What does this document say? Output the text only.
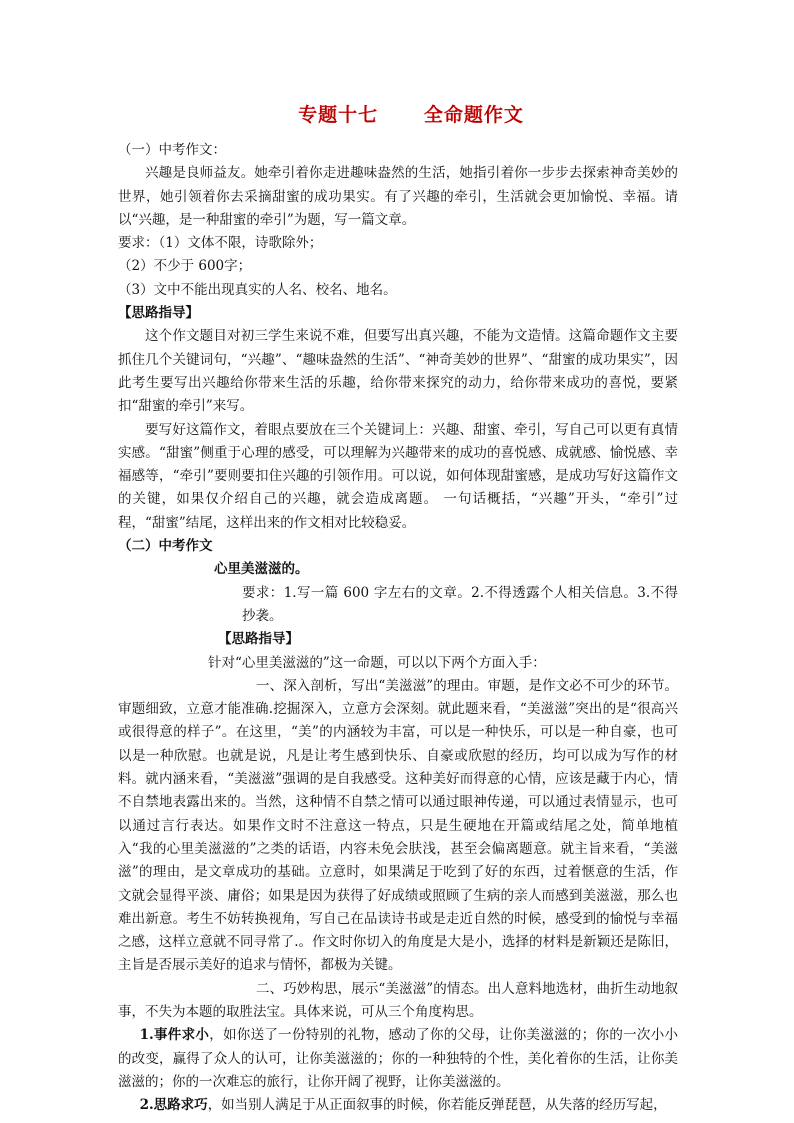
专题十七      全命题作文

（一）中考作文：

兴趣是良师益友。她牵引着你走进趣味盎然的生活，她指引着你一步步去探索神奇美妙的世界，她引领着你去采摘甜蜜的成功果实。有了兴趣的牵引，生活就会更加愉悦、幸福。请以“兴趣，是一种甜蜜的牵引”为题，写一篇文章。

要求：（1）文体不限，诗歌除外；

（2）不少于 600字；

（3）文中不能出现真实的人名、校名、地名。

【思路指导】

这个作文题目对初三学生来说不难，但要写出真兴趣，不能为文造情。这篇命题作文主要抓住几个关键词句，“兴趣”、“趣味盎然的生活”、“神奇美妙的世界”、“甜蜜的成功果实”，因此考生要写出兴趣给你带来生活的乐趣，给你带来探究的动力，给你带来成功的喜悦，要紧扣“甜蜜的牵引”来写。

要写好这篇作文，着眼点要放在三个关键词上：兴趣、甜蜜、牵引，写自己可以更有真情实感。“甜蜜”侧重于心理的感受，可以理解为兴趣带来的成功的喜悦感、成就感、愉悦感、幸福感等，“牵引”要则要扣住兴趣的引领作用。可以说，如何体现甜蜜感，是成功写好这篇作文的关键，如果仅介绍自己的兴趣，就会造成离题。 一句话概括，“兴趣”开头，“牵引”过程，“甜蜜”结尾，这样出来的作文相对比较稳妥。

（二）中考作文

心里美滋滋的。

要求：1.写一篇 600 字左右的文章。2.不得透露个人相关信息。3.不得抄袭。

【思路指导】

针对“心里美滋滋的”这一命题，可以以下两个方面入手：

一、深入剖析，写出“美滋滋”的理由。审题，是作文必不可少的环节。审题细致，立意才能准确.挖掘深入，立意方会深刻。就此题来看，“美滋滋”突出的是“很高兴或很得意的样子”。在这里，“美”的内涵较为丰富，可以是一种快乐，可以是一种自豪，也可以是一种欣慰。也就是说，凡是让考生感到快乐、自豪或欣慰的经历，均可以成为写作的材料。就内涵来看，“美滋滋”强调的是自我感受。这种美好而得意的心情，应该是藏于内心，情不自禁地表露出来的。当然，这种情不自禁之情可以通过眼神传递，可以通过表情显示，也可以通过言行表达。如果作文时不注意这一特点，只是生硬地在开篇或结尾之处，简单地植入“我的心里美滋滋的”之类的话语，内容未免会肤浅，甚至会偏离题意。就主旨来看，“美滋滋”的理由，是文章成功的基础。立意时，如果满足于吃到了好的东西，过着惬意的生活，作文就会显得平淡、庸俗；如果是因为获得了好成绩或照顾了生病的亲人而感到美滋滋，那么也难出新意。考生不妨转换视角，写自己在品读诗书或是走近自然的时候，感受到的愉悦与幸福之感，这样立意就不同寻常了.。作文时你切入的角度是大是小，选择的材料是新颖还是陈旧，主旨是否展示美好的追求与情怀，都极为关键。

二、巧妙构思，展示“美滋滋”的情态。出人意料地选材，曲折生动地叙事，不失为本题的取胜法宝。具体来说，可从三个角度构思。

1.事件求小，如你送了一份特别的礼物，感动了你的父母，让你美滋滋的；你的一次小小的改变，赢得了众人的认可，让你美滋滋的；你的一种独特的个性，美化着你的生活，让你美滋滋的；你的一次难忘的旅行，让你开阔了视野，让你美滋滋的。

2.思路求巧，如当别人满足于从正面叙事的时候，你若能反弹琵琶，从失落的经历写起，
